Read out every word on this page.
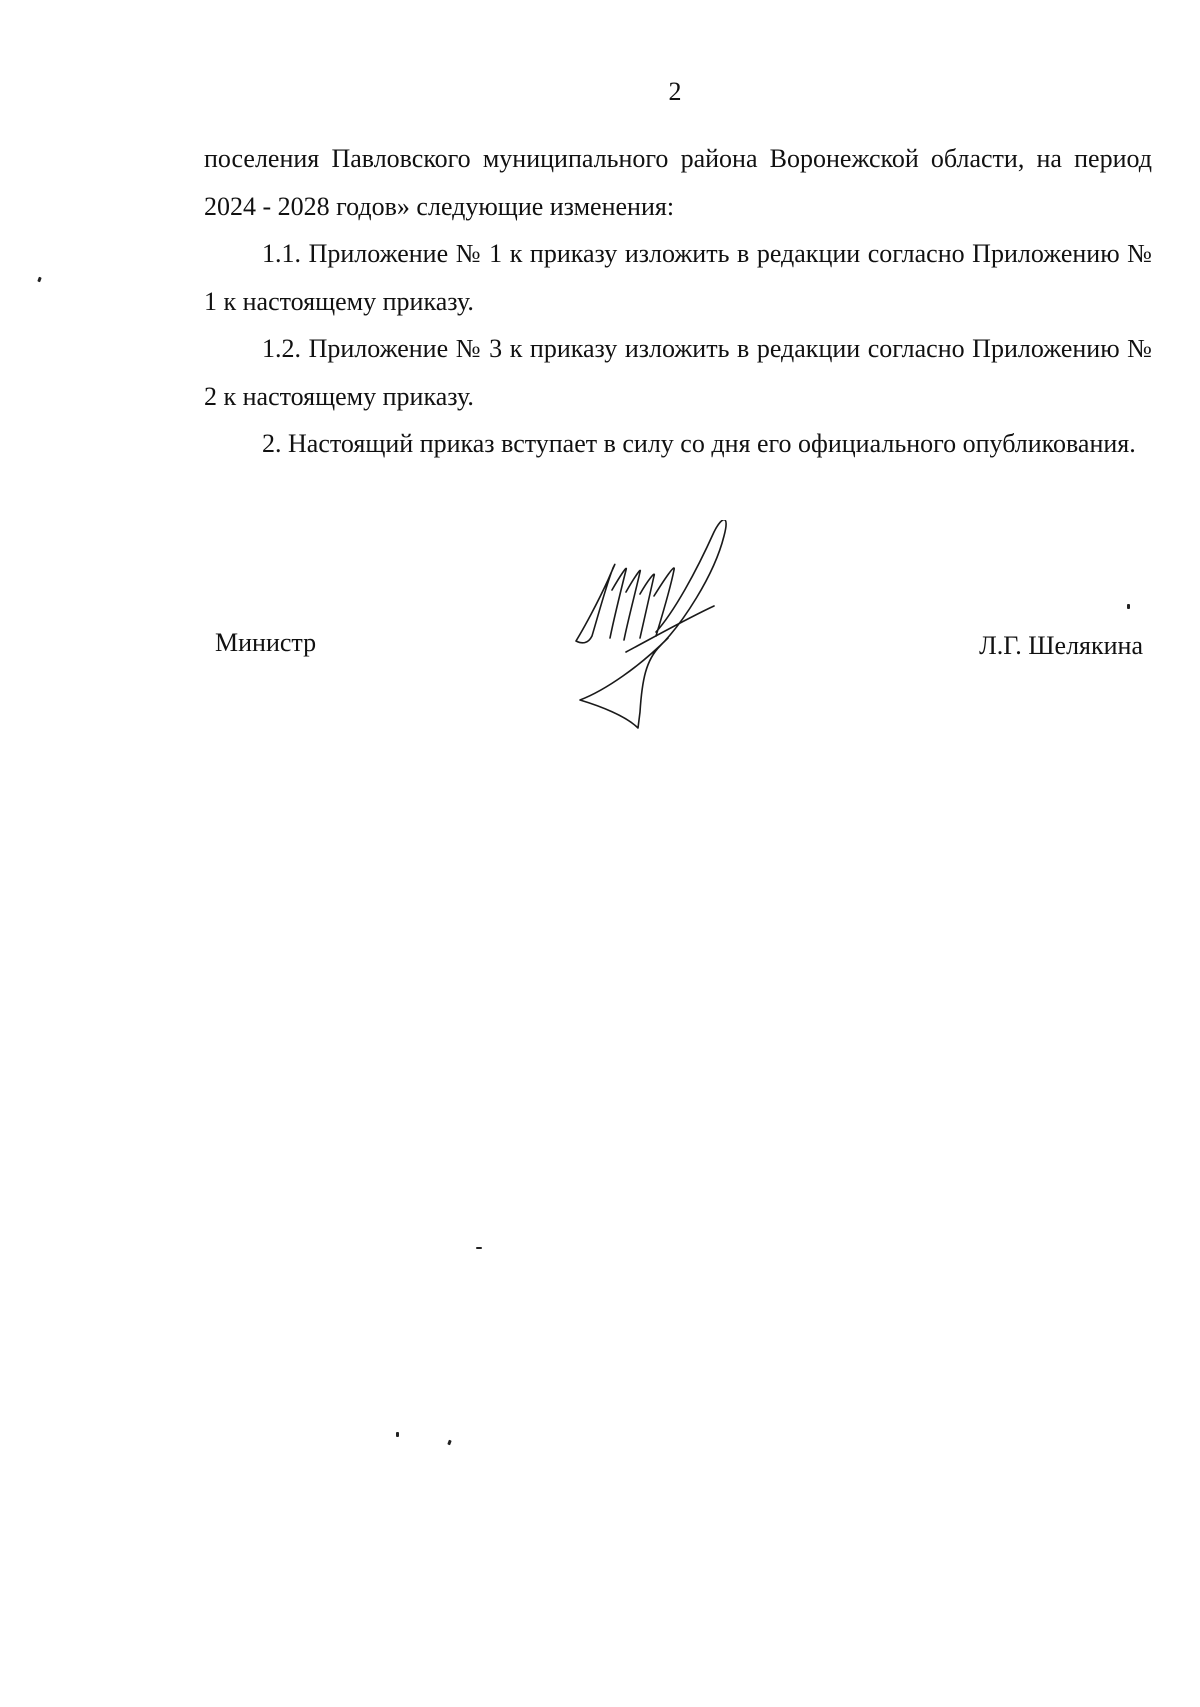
2

поселения Павловского муниципального района Воронежской области, на период 2024 - 2028 годов» следующие изменения:

1.1. Приложение № 1 к приказу изложить в редакции согласно Приложению № 1 к настоящему приказу.

1.2. Приложение № 3 к приказу изложить в редакции согласно Приложению № 2 к настоящему приказу.

2. Настоящий приказ вступает в силу со дня его официального опубликования.

Министр	Л.Г. Шелякина
